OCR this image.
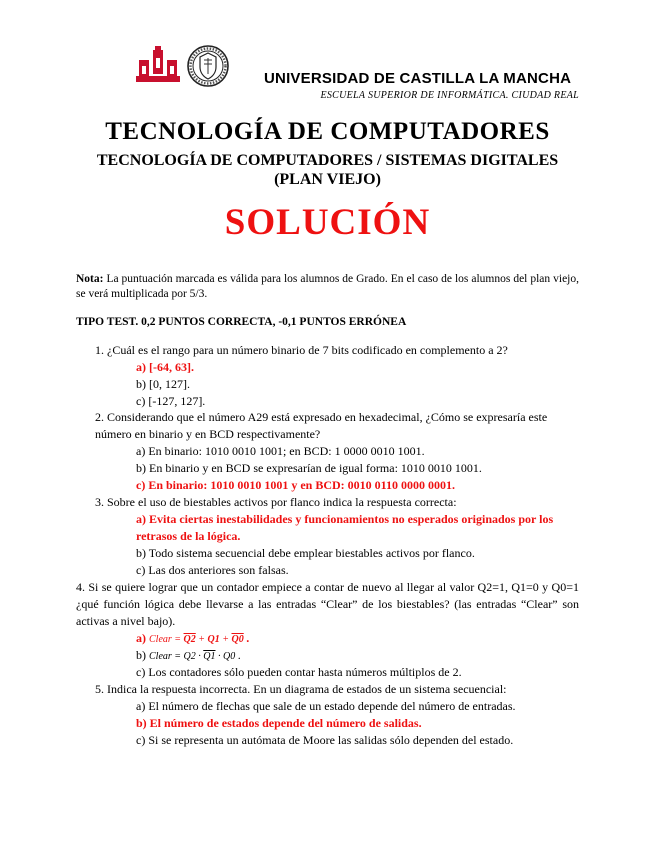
UNIVERSIDAD DE CASTILLA LA MANCHA
ESCUELA SUPERIOR DE INFORMÁTICA. CIUDAD REAL
TECNOLOGÍA DE COMPUTADORES
TECNOLOGÍA DE COMPUTADORES / SISTEMAS DIGITALES
(PLAN VIEJO)
SOLUCIÓN
Nota: La puntuación marcada es válida para los alumnos de Grado. En el caso de los alumnos del plan viejo, se verá multiplicada por 5/3.
TIPO TEST. 0,2 PUNTOS CORRECTA, -0,1 PUNTOS ERRÓNEA
1. ¿Cuál es el rango para un número binario de 7 bits codificado en complemento a 2?
a) [-64, 63].
b) [0, 127].
c) [-127, 127].
2. Considerando que el número A29 está expresado en hexadecimal, ¿Cómo se expresaría este
número en binario y en BCD respectivamente?
a) En binario: 1010 0010 1001; en BCD: 1 0000 0010 1001.
b) En binario y en BCD se expresarían de igual forma: 1010 0010 1001.
c) En binario: 1010 0010 1001 y en BCD: 0010 0110 0000 0001.
3. Sobre el uso de biestables activos por flanco indica la respuesta correcta:
a) Evita ciertas inestabilidades y funcionamientos no esperados originados por los retrasos de la lógica.
b) Todo sistema secuencial debe emplear biestables activos por flanco.
c) Las dos anteriores son falsas.
4. Si se quiere lograr que un contador empiece a contar de nuevo al llegar al valor Q2=1, Q1=0 y Q0=1 ¿qué función lógica debe llevarse a las entradas “Clear” de los biestables? (las entradas “Clear” son activas a nivel bajo).
a) Clear = Q2 + Q1 + Q0 .
b) Clear = Q2 · Q1 · Q0 .
c) Los contadores sólo pueden contar hasta números múltiplos de 2.
5. Indica la respuesta incorrecta. En un diagrama de estados de un sistema secuencial:
a) El número de flechas que sale de un estado depende del número de entradas.
b) El número de estados depende del número de salidas.
c) Si se representa un autómata de Moore las salidas sólo dependen del estado.
